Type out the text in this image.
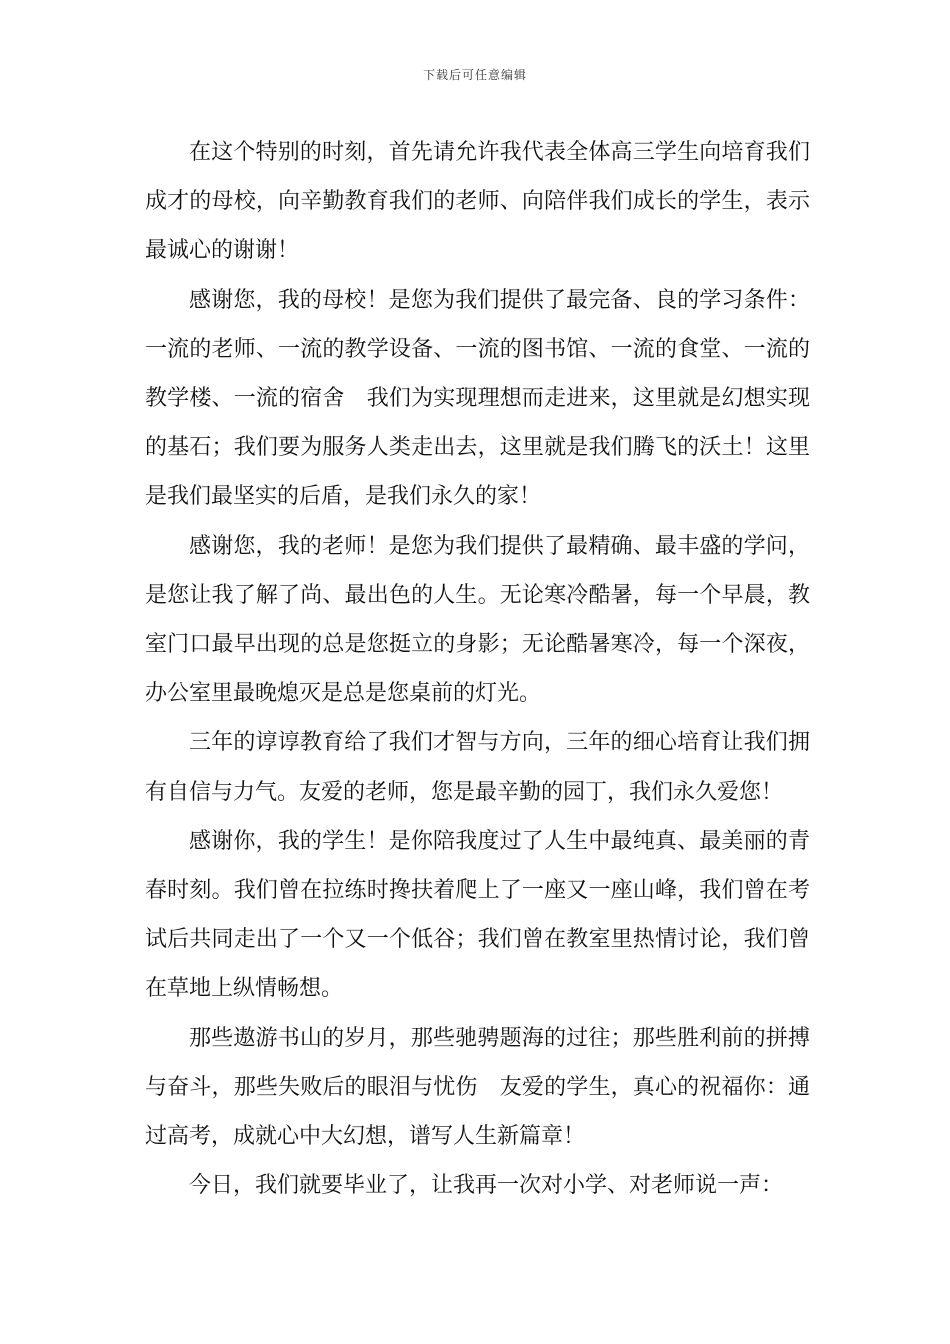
下载后可任意编辑

在这个特别的时刻，首先请允许我代表全体高三学生向培育我们成才的母校，向辛勤教育我们的老师、向陪伴我们成长的学生，表示最诚心的谢谢！

感谢您，我的母校！是您为我们提供了最完备、良的学习条件：一流的老师、一流的教学设备、一流的图书馆、一流的食堂、一流的教学楼、一流的宿舍　我们为实现理想而走进来，这里就是幻想实现的基石；我们要为服务人类走出去，这里就是我们腾飞的沃土！这里是我们最坚实的后盾，是我们永久的家！

感谢您，我的老师！是您为我们提供了最精确、最丰盛的学问，是您让我了解了尚、最出色的人生。无论寒冷酷暑，每一个早晨，教室门口最早出现的总是您挺立的身影；无论酷暑寒冷，每一个深夜，办公室里最晚熄灭是总是您桌前的灯光。

三年的谆谆教育给了我们才智与方向，三年的细心培育让我们拥有自信与力气。友爱的老师，您是最辛勤的园丁，我们永久爱您！

感谢你，我的学生！是你陪我度过了人生中最纯真、最美丽的青春时刻。我们曾在拉练时搀扶着爬上了一座又一座山峰，我们曾在考试后共同走出了一个又一个低谷；我们曾在教室里热情讨论，我们曾在草地上纵情畅想。

那些遨游书山的岁月，那些驰骋题海的过往；那些胜利前的拼搏与奋斗，那些失败后的眼泪与忧伤　友爱的学生，真心的祝福你：通过高考，成就心中大幻想，谱写人生新篇章！

今日，我们就要毕业了，让我再一次对小学、对老师说一声：
